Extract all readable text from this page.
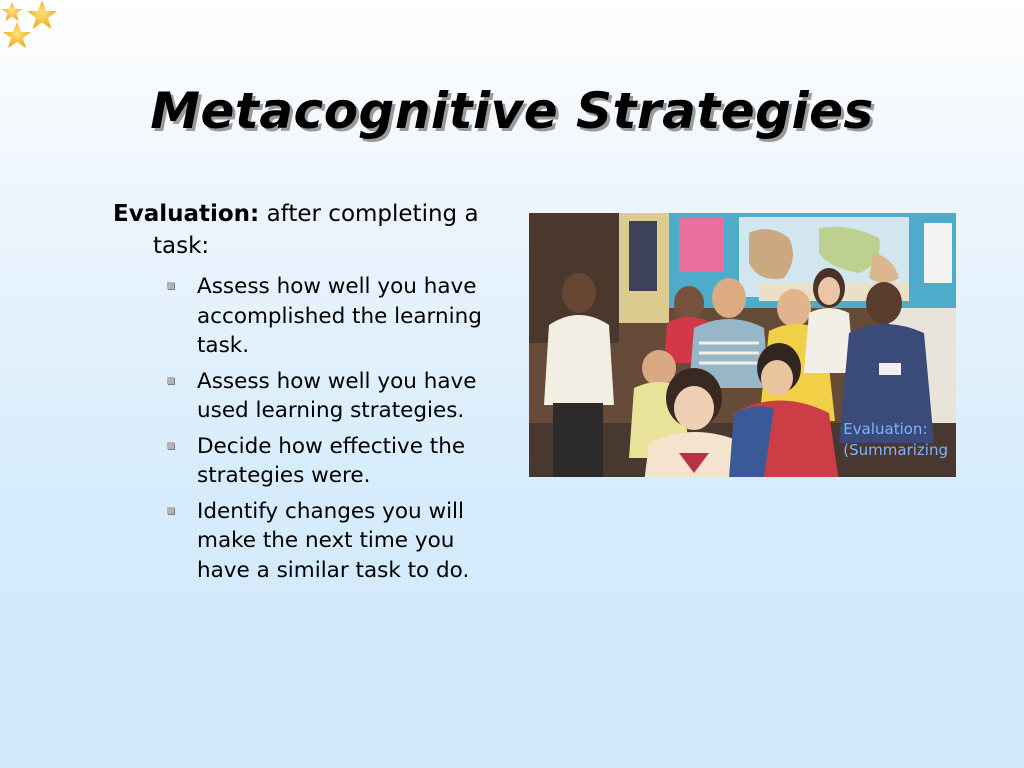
Metacognitive Strategies
Evaluation: after completing a task:
Assess how well you have accomplished the learning task.
Assess how well you have used learning strategies.
Decide how effective the strategies were.
Identify changes you will make the next time you have a similar task to do.
Evaluation:
(Summarizing
